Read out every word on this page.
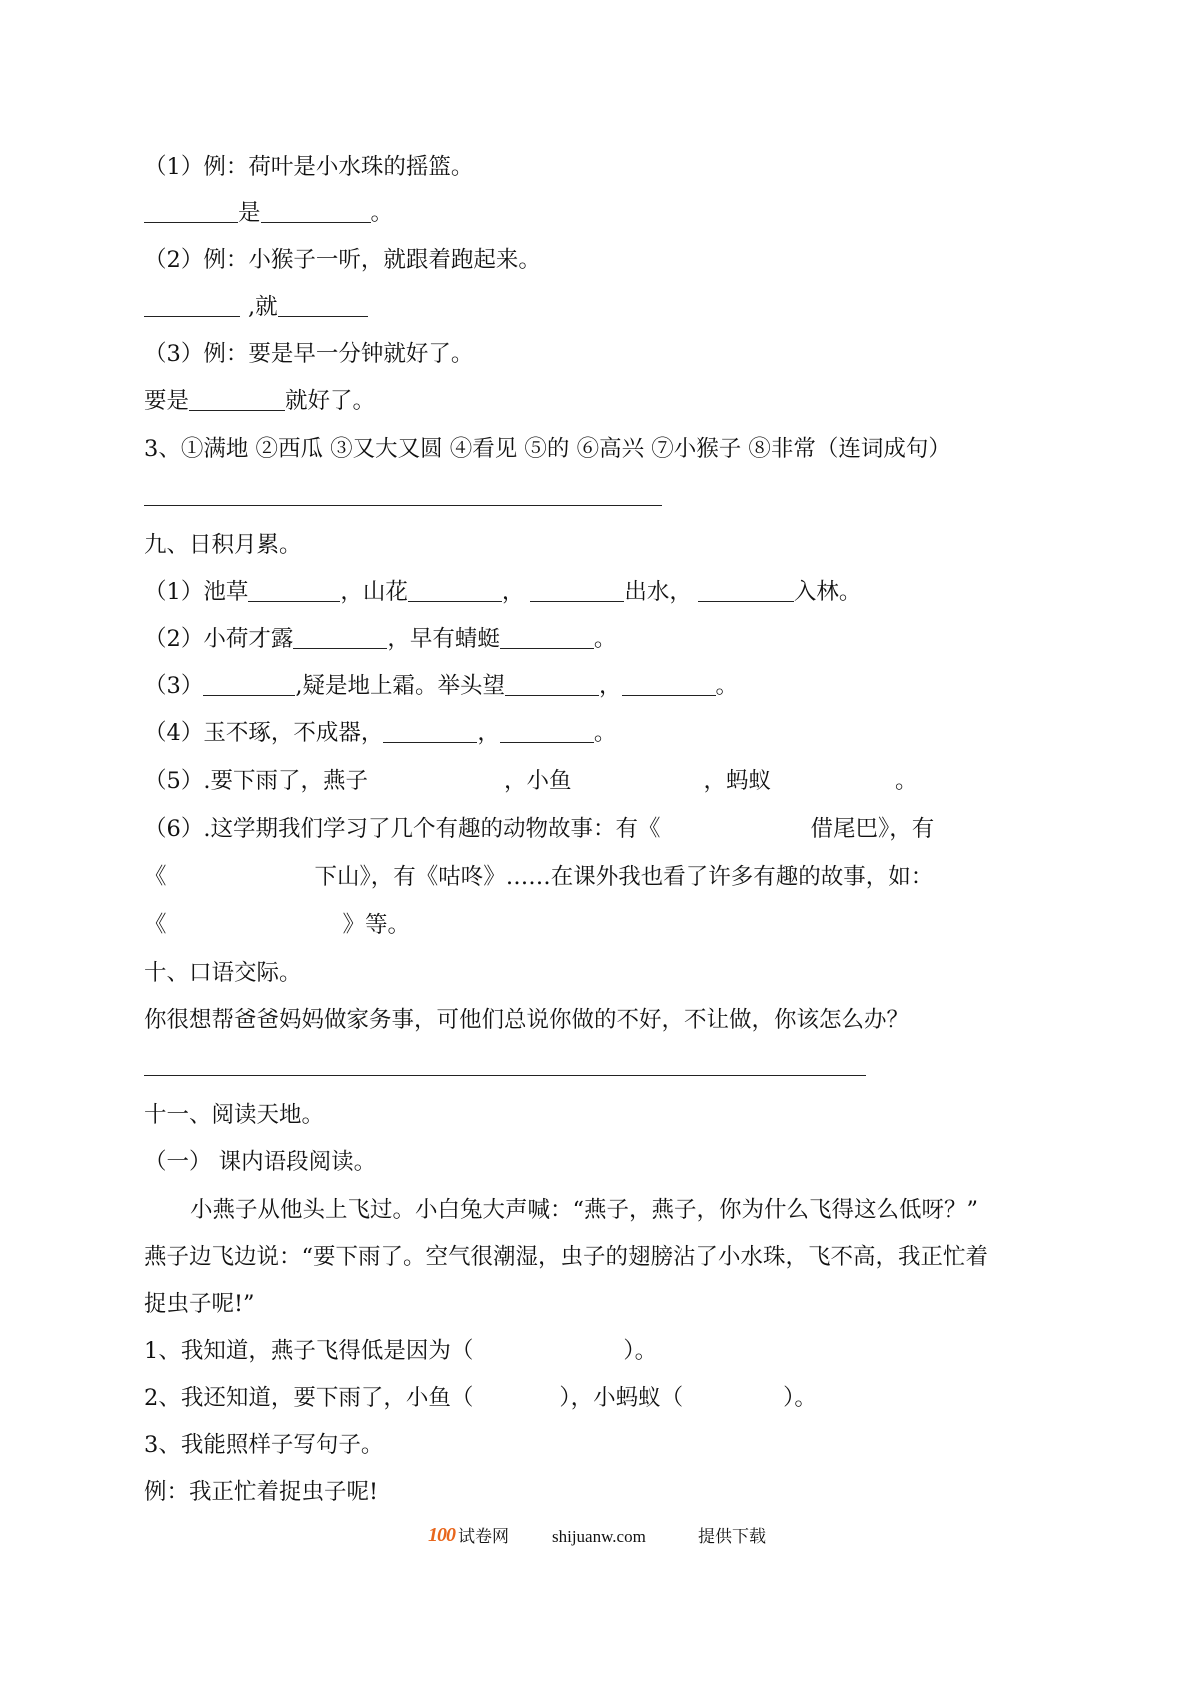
（1）例：荷叶是小水珠的摇篮。
是	。
（2）例：小猴子一听，就跟着跑起来。
,就
（3）例：要是早一分钟就好了。
要是	就好了。
3、①满地 ②西瓜 ③又大又圆 ④看见 ⑤的 ⑥高兴 ⑦小猴子 ⑧非常（连词成句）
九、日积月累。
（1）池草	，山花	，	出水，	入林。
（2）小荷才露	，早有蜻蜓	。
（3）	,疑是地上霜。举头望	，	。
（4）玉不琢，不成器，	，	。
（5）.要下雨了，燕子	，小鱼	，蚂蚁	。
（6）.这学期我们学习了几个有趣的动物故事：有《	借尾巴》，有
《	下山》，有《咕咚》……在课外我也看了许多有趣的故事，如：
《	》等。
十、口语交际。
你很想帮爸爸妈妈做家务事，可他们总说你做的不好，不让做，你该怎么办？
十一、阅读天地。
（一） 课内语段阅读。
小燕子从他头上飞过。小白兔大声喊：“燕子，燕子，你为什么飞得这么低呀？”
燕子边飞边说：“要下雨了。空气很潮湿，虫子的翅膀沾了小水珠，飞不高，我正忙着
捉虫子呢!”
1、我知道，燕子飞得低是因为（	）。
2、我还知道，要下雨了，小鱼（	），小蚂蚁（	）。
3、我能照样子写句子。
例：我正忙着捉虫子呢!
100 试卷网	shijuanw.com	提供下载
